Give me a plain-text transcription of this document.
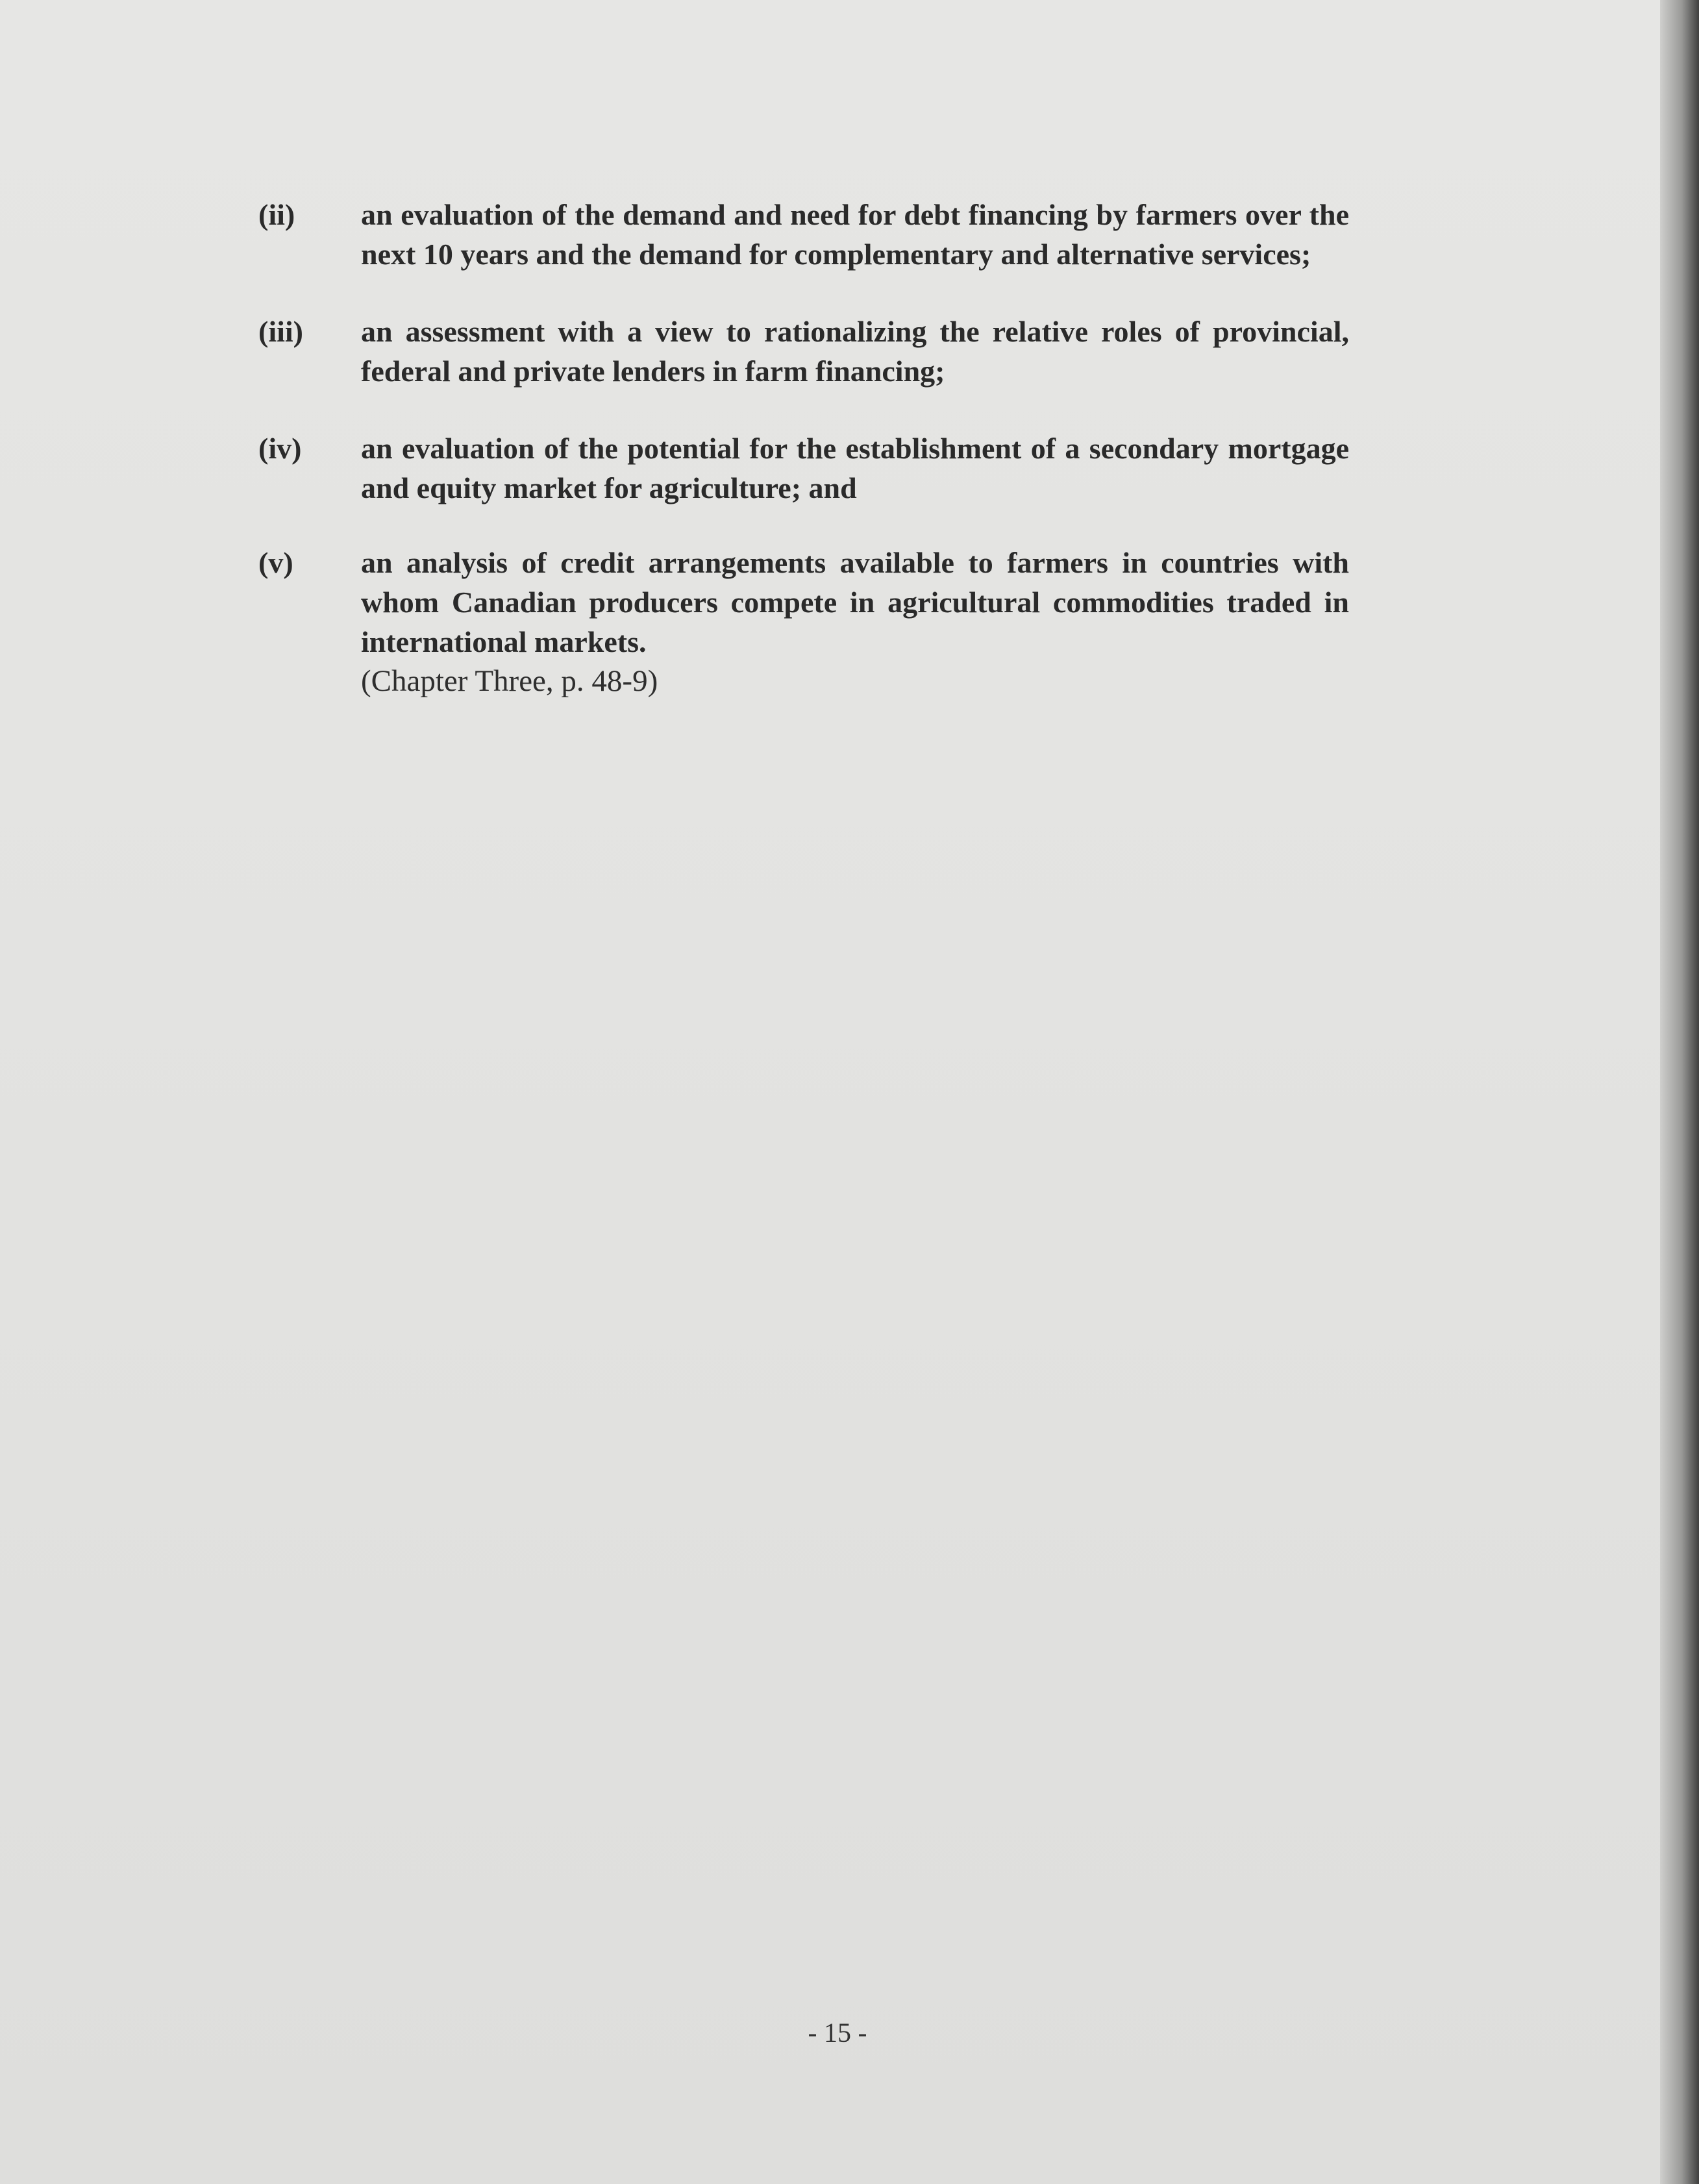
(ii) an evaluation of the demand and need for debt financing by farmers over the next 10 years and the demand for complementary and alternative services;
(iii) an assessment with a view to rationalizing the relative roles of provincial, federal and private lenders in farm financing;
(iv) an evaluation of the potential for the establishment of a secondary mortgage and equity market for agriculture; and
(v) an analysis of credit arrangements available to farmers in countries with whom Canadian producers compete in agricultural commodities traded in international markets.
(Chapter Three, p. 48-9)
- 15 -
